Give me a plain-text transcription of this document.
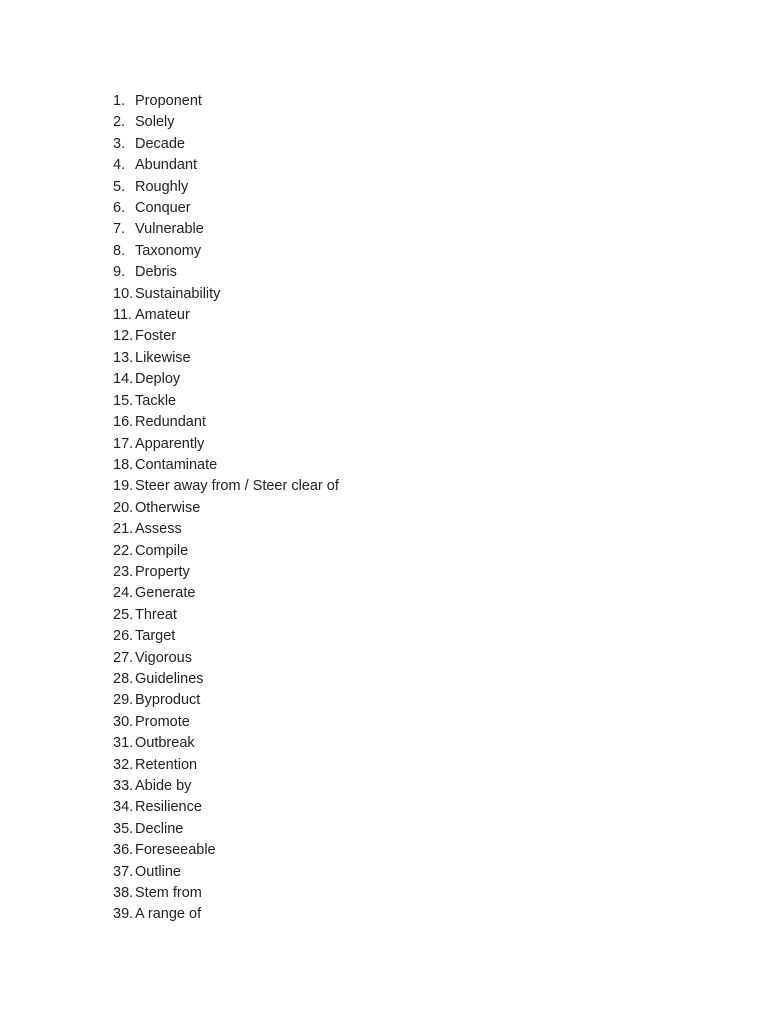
1. Proponent
2. Solely
3. Decade
4. Abundant
5. Roughly
6. Conquer
7. Vulnerable
8. Taxonomy
9. Debris
10. Sustainability
11. Amateur
12. Foster
13. Likewise
14. Deploy
15. Tackle
16. Redundant
17. Apparently
18. Contaminate
19. Steer away from / Steer clear of
20. Otherwise
21. Assess
22. Compile
23. Property
24. Generate
25. Threat
26. Target
27. Vigorous
28. Guidelines
29. Byproduct
30. Promote
31. Outbreak
32. Retention
33. Abide by
34. Resilience
35. Decline
36. Foreseeable
37. Outline
38. Stem from
39. A range of
